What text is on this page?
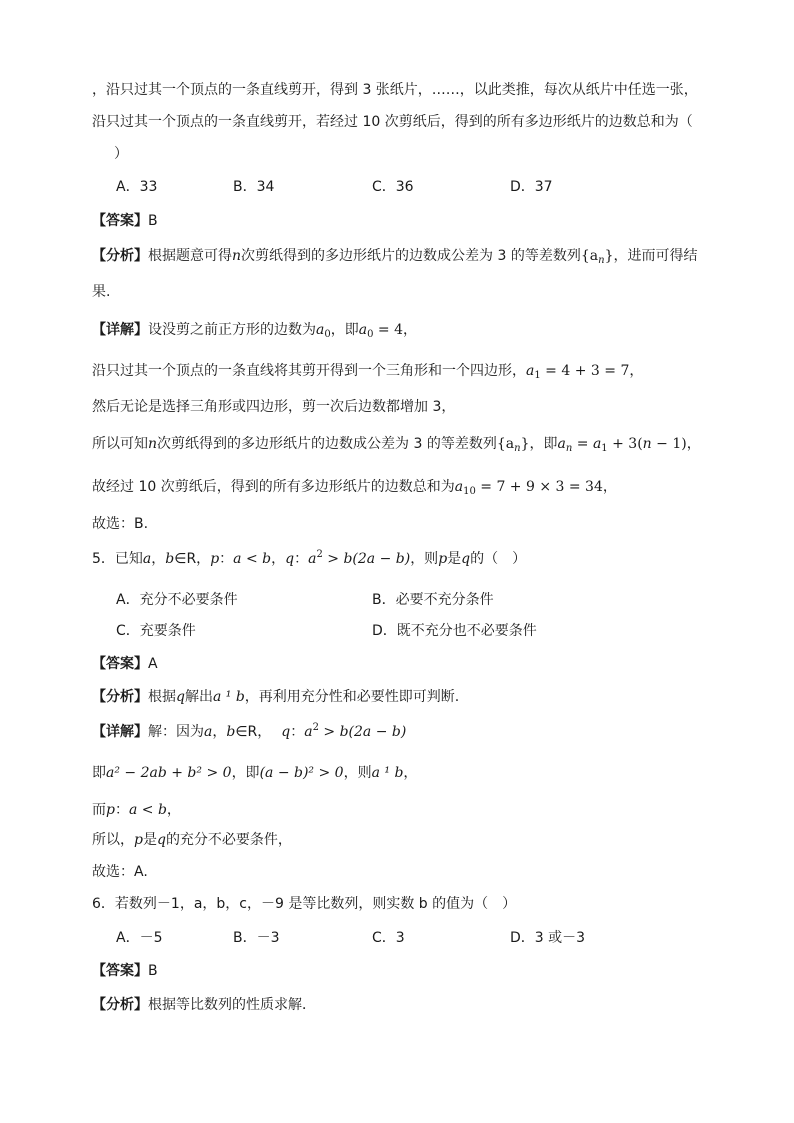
，沿只过其一个顶点的一条直线剪开，得到 3 张纸片，……，以此类推，每次从纸片中任选一张，
沿只过其一个顶点的一条直线剪开，若经过 10 次剪纸后，得到的所有多边形纸片的边数总和为（
）
A．33	B．34	C．36	D．37
【答案】B
【分析】根据题意可得n次剪纸得到的多边形纸片的边数成公差为 3 的等差数列$\{a_n\}$，进而可得结
果.
【详解】设没剪之前正方形的边数为$a_0$，即$a_0 = 4$，
沿只过其一个顶点的一条直线将其剪开得到一个三角形和一个四边形，$a_1 = 4 + 3 = 7$，
然后无论是选择三角形或四边形，剪一次后边数都增加 3，
所以可知n次剪纸得到的多边形纸片的边数成公差为 3 的等差数列$\{a_n\}$，即$a_n = a_1 + 3(n - 1)$，
故经过 10 次剪纸后，得到的所有多边形纸片的边数总和为$a_{10} = 7 + 9 \times 3 = 34$，
故选：B.
5．已知a，b∈R，p：a < b，q：$a^2 > b(2a - b)$，则p是q的（　）
A．充分不必要条件	B．必要不充分条件
C．充要条件	D．既不充分也不必要条件
【答案】A
【分析】根据q解出a ¹ b，再利用充分性和必要性即可判断.
【详解】解：因为a，b∈R， q：$a^2 > b(2a - b)$
即a² − 2ab + b² > 0，即(a − b)² > 0，则a ¹ b，
而p：a < b，
所以，p是q的充分不必要条件，
故选：A.
6．若数列－1，a，b，c，－9 是等比数列，则实数 b 的值为（　）
A．－5	B．－3	C．3	D．3 或－3
【答案】B
【分析】根据等比数列的性质求解．
